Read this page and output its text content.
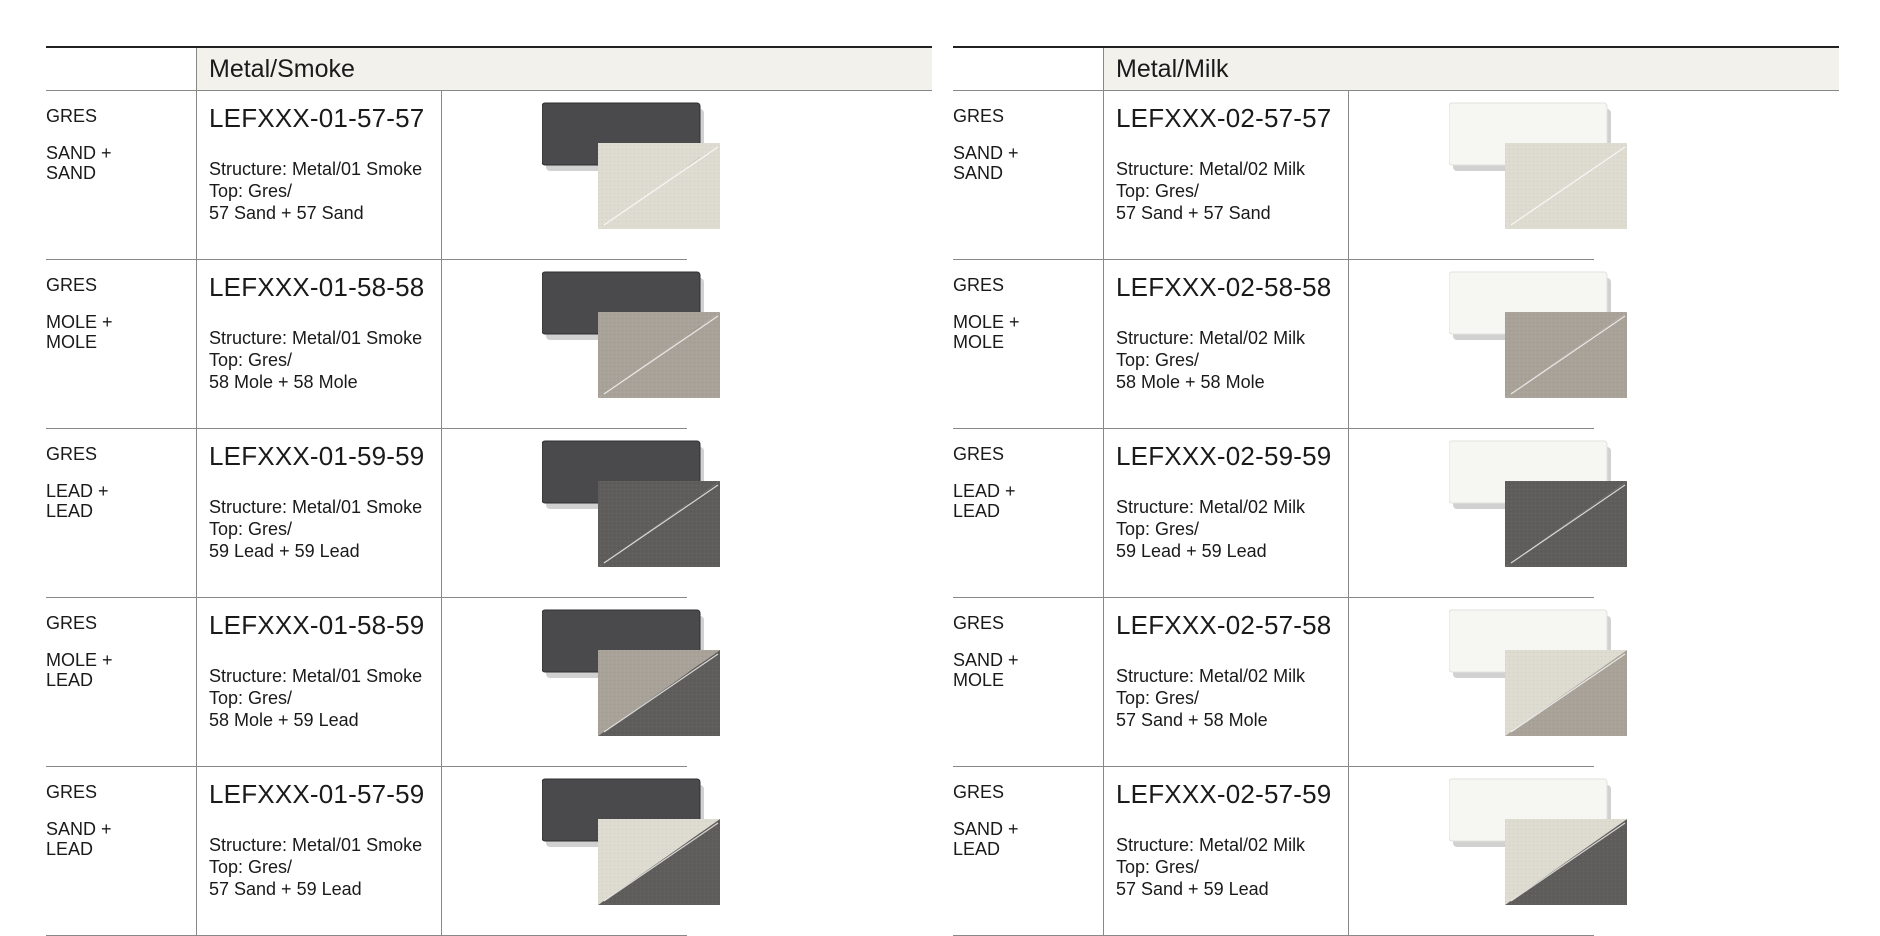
	Metal/Smoke	

GRES
SAND + SAND	LEFXXX-01-57-57
Structure: Metal/01 Smoke
Top: Gres/
57 Sand + 57 Sand

GRES
MOLE + MOLE	LEFXXX-01-58-58
Structure: Metal/01 Smoke
Top: Gres/
58 Mole + 58 Mole

GRES
LEAD + LEAD	LEFXXX-01-59-59
Structure: Metal/01 Smoke
Top: Gres/
59 Lead + 59 Lead

GRES
MOLE + LEAD	LEFXXX-01-58-59
Structure: Metal/01 Smoke
Top: Gres/
58 Mole + 59 Lead

GRES
SAND + LEAD	LEFXXX-01-57-59
Structure: Metal/01 Smoke
Top: Gres/
57 Sand + 59 Lead

	Metal/Milk	

GRES
SAND + SAND	LEFXXX-02-57-57
Structure: Metal/02 Milk
Top: Gres/
57 Sand + 57 Sand

GRES
MOLE + MOLE	LEFXXX-02-58-58
Structure: Metal/02 Milk
Top: Gres/
58 Mole + 58 Mole

GRES
LEAD + LEAD	LEFXXX-02-59-59
Structure: Metal/02 Milk
Top: Gres/
59 Lead + 59 Lead

GRES
SAND + MOLE	LEFXXX-02-57-58
Structure: Metal/02 Milk
Top: Gres/
57 Sand + 58 Mole

GRES
SAND + LEAD	LEFXXX-02-57-59
Structure: Metal/02 Milk
Top: Gres/
57 Sand + 59 Lead
